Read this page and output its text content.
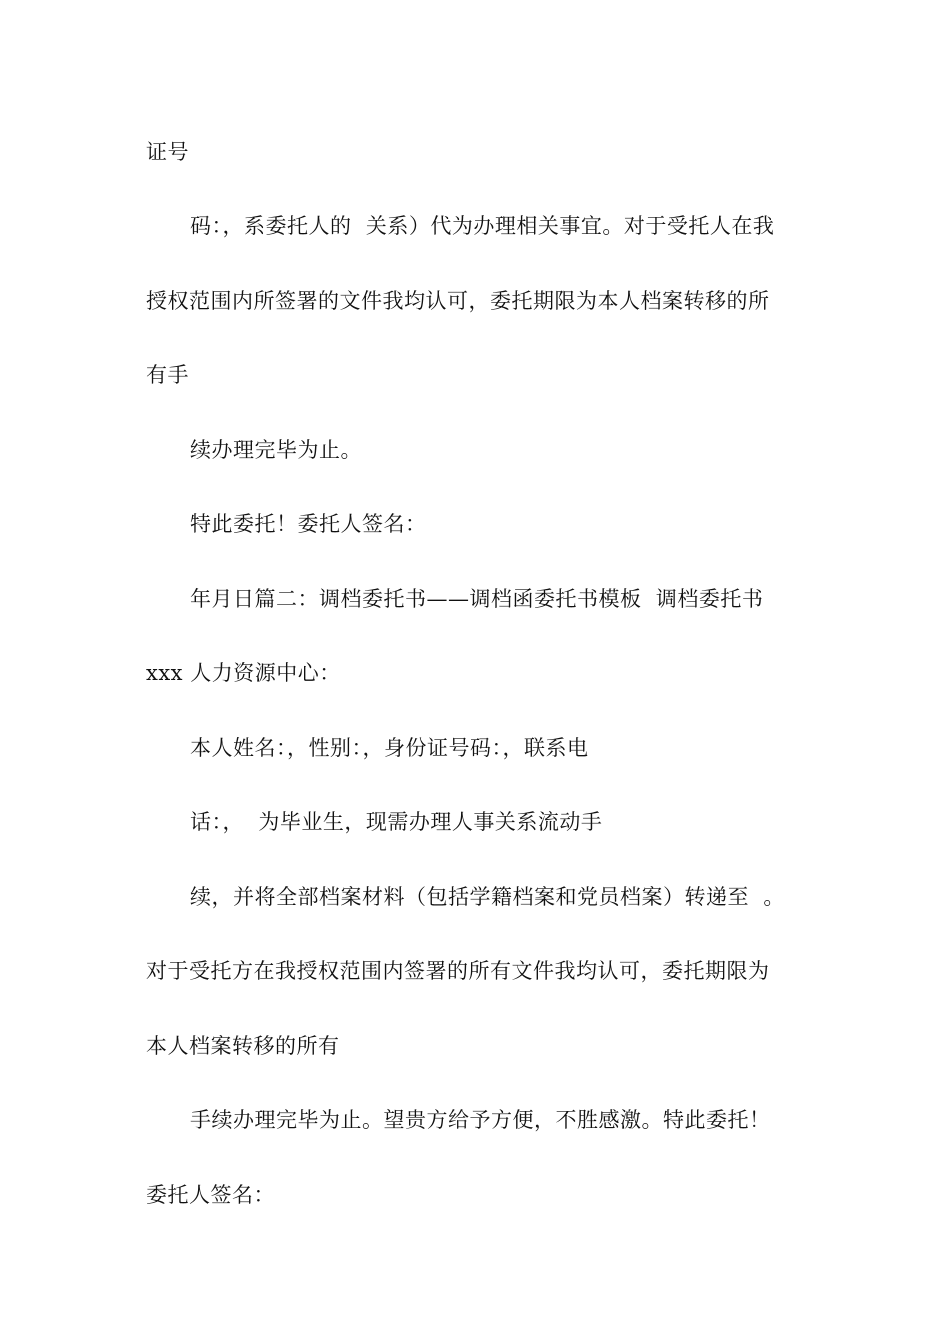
证号
码：，系委托人的  关系）代为办理相关事宜。对于受托人在我
授权范围内所签署的文件我均认可，委托期限为本人档案转移的所
有手
续办理完毕为止。
特此委托！委托人签名：
年月日篇二：调档委托书——调档函委托书模板  调档委托书
xxx 人力资源中心：
本人姓名：，性别：，身份证号码：，联系电
话：，  为毕业生，现需办理人事关系流动手
续，并将全部档案材料（包括学籍档案和党员档案）转递至  。
对于受托方在我授权范围内签署的所有文件我均认可，委托期限为
本人档案转移的所有
手续办理完毕为止。望贵方给予方便，不胜感激。特此委托！
委托人签名：
